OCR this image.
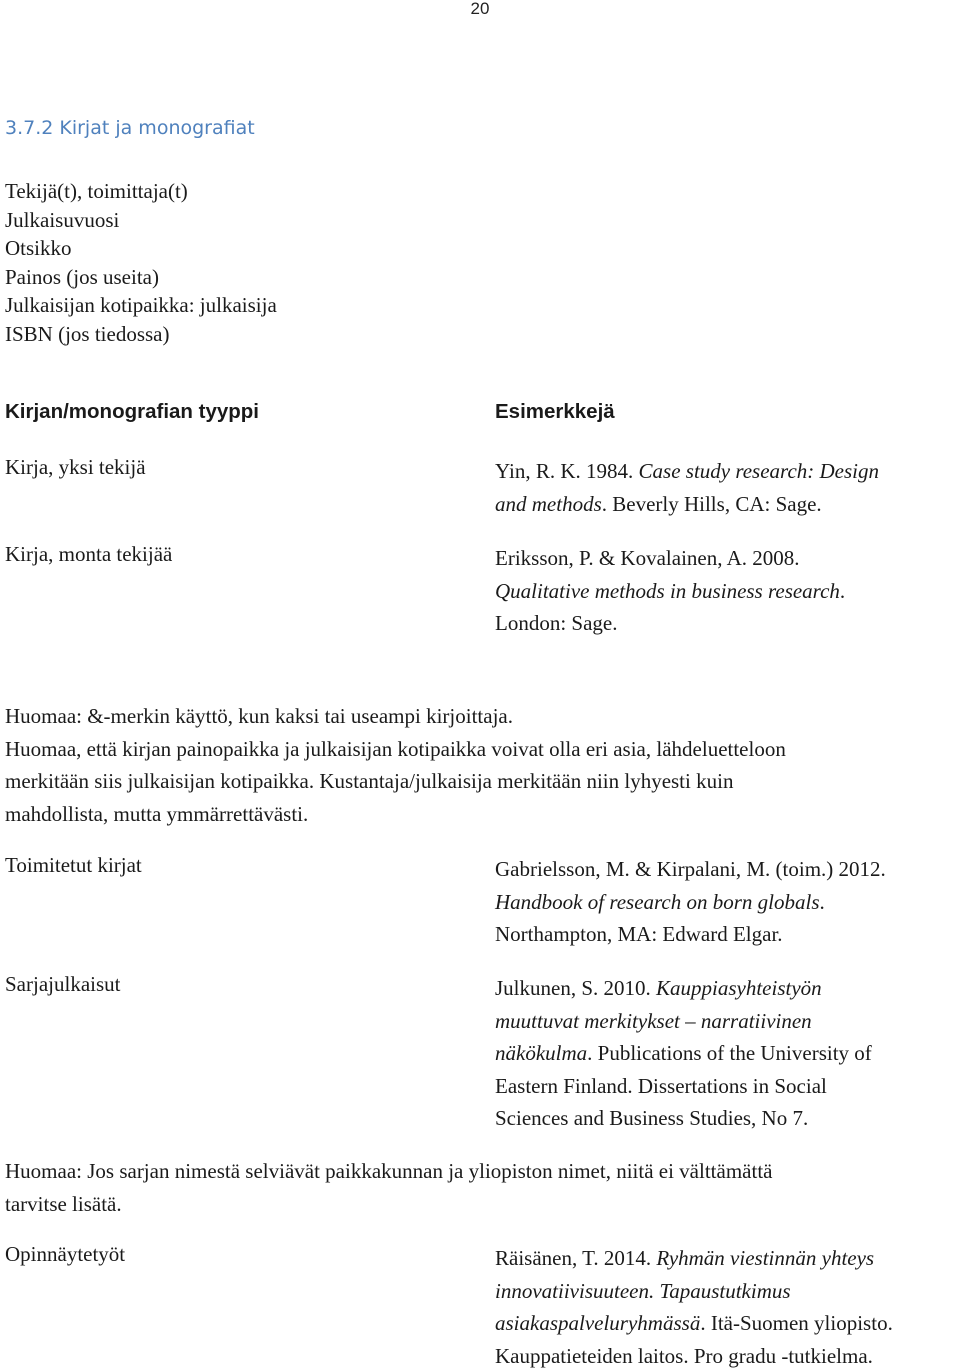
20
3.7.2 Kirjat ja monografiat
Tekijä(t), toimittaja(t)
Julkaisuvuosi
Otsikko
Painos (jos useita)
Julkaisijan kotipaikka: julkaisija
ISBN (jos tiedossa)
Kirjan/monografian tyyppi	Esimerkkejä
Kirja, yksi tekijä	Yin, R. K. 1984. Case study research: Design
and methods. Beverly Hills, CA: Sage.
Kirja, monta tekijää	Eriksson, P. & Kovalainen, A. 2008.
Qualitative methods in business research.
London: Sage.
Huomaa: &-merkin käyttö, kun kaksi tai useampi kirjoittaja.
Huomaa, että kirjan painopaikka ja julkaisijan kotipaikka voivat olla eri asia, lähdeluetteloon
merkitään siis julkaisijan kotipaikka. Kustantaja/julkaisija merkitään niin lyhyesti kuin
mahdollista, mutta ymmärrettävästi.
Toimitetut kirjat	Gabrielsson, M. & Kirpalani, M. (toim.) 2012.
Handbook of research on born globals.
Northampton, MA: Edward Elgar.
Sarjajulkaisut	Julkunen, S. 2010. Kauppiasyhteistyön
muuttuvat merkitykset – narratiivinen
näkökulma. Publications of the University of
Eastern Finland. Dissertations in Social
Sciences and Business Studies, No 7.
Huomaa: Jos sarjan nimestä selviävät paikkakunnan ja yliopiston nimet, niitä ei välttämättä
tarvitse lisätä.
Opinnäytetyöt	Räisänen, T. 2014. Ryhmän viestinnän yhteys
innovatiivisuuteen. Tapaustutkimus
asiakaspalveluryhmässä. Itä-Suomen yliopisto.
Kauppatieteiden laitos. Pro gradu -tutkielma.
